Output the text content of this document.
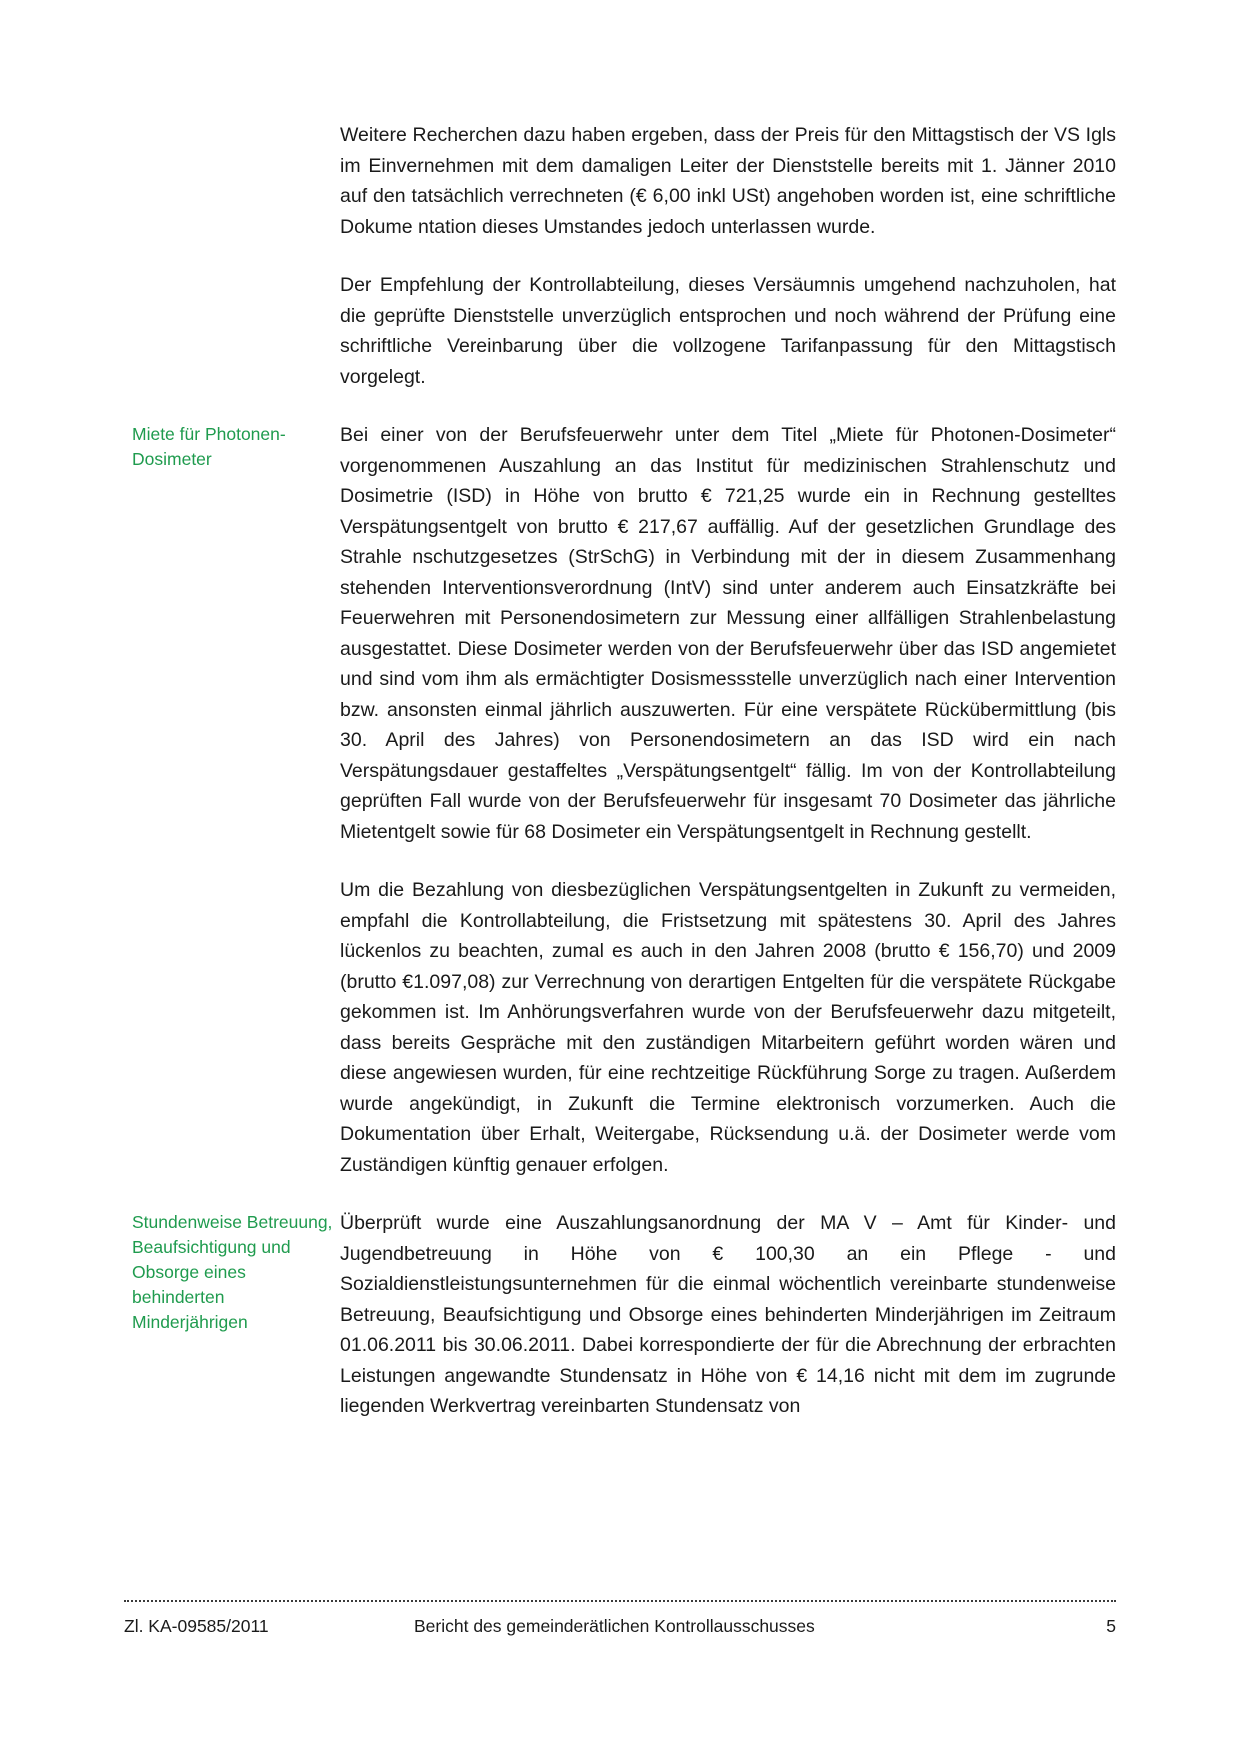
Weitere Recherchen dazu haben ergeben, dass der Preis für den Mittagstisch der VS Igls im Einvernehmen mit dem damaligen Leiter der Dienststelle bereits mit 1. Jänner 2010 auf den tatsächlich verrechneten (€ 6,00 inkl USt) angehoben worden ist, eine schriftliche Dokume ntation dieses Umstandes jedoch unterlassen wurde.

Der Empfehlung der Kontrollabteilung, dieses Versäumnis umgehend nachzuholen, hat die geprüfte Dienststelle unverzüglich entsprochen und noch während der Prüfung eine schriftliche Vereinbarung über die vollzogene Tarifanpassung für den Mittagstisch vorgelegt.

Miete für Photonen-Dosimeter

Bei einer von der Berufsfeuerwehr unter dem Titel „Miete für Photonen-Dosimeter“ vorgenommenen Auszahlung an das Institut für medizinischen Strahlenschutz und Dosimetrie (ISD) in Höhe von brutto € 721,25 wurde ein in Rechnung gestelltes Verspätungsentgelt von brutto € 217,67 auffällig. Auf der gesetzlichen Grundlage des Strahle nschutzgesetzes (StrSchG) in Verbindung mit der in diesem Zusammenhang stehenden Interventionsverordnung (IntV) sind unter anderem auch Einsatzkräfte bei Feuerwehren mit Personendosimetern zur Messung einer allfälligen Strahlenbelastung ausgestattet. Diese Dosimeter werden von der Berufsfeuerwehr über das ISD angemietet und sind vom ihm als ermächtigter Dosismessstelle unverzüglich nach einer Intervention bzw. ansonsten einmal jährlich auszuwerten. Für eine verspätete Rückübermittlung (bis 30. April des Jahres) von Personendosimetern an das ISD wird ein nach Verspätungsdauer gestaffeltes „Verspätungsentgelt“ fällig. Im von der Kontrollabteilung geprüften Fall wurde von der Berufsfeuerwehr für insgesamt 70 Dosimeter das jährliche Mietentgelt sowie für 68 Dosimeter ein Verspätungsentgelt in Rechnung gestellt.

Um die Bezahlung von diesbezüglichen Verspätungsentgelten in Zukunft zu vermeiden, empfahl die Kontrollabteilung, die Fristsetzung mit spätestens 30. April des Jahres lückenlos zu beachten, zumal es auch in den Jahren 2008 (brutto € 156,70) und 2009 (brutto €1.097,08) zur Verrechnung von derartigen Entgelten für die verspätete Rückgabe gekommen ist. Im Anhörungsverfahren wurde von der Berufsfeuerwehr dazu mitgeteilt, dass bereits Gespräche mit den zuständigen Mitarbeitern geführt worden wären und diese angewiesen wurden, für eine rechtzeitige Rückführung Sorge zu tragen. Außerdem wurde angekündigt, in Zukunft die Termine elektronisch vorzumerken. Auch die Dokumentation über Erhalt, Weitergabe, Rücksendung u.ä. der Dosimeter werde vom Zuständigen künftig genauer erfolgen.

Stundenweise Betreuung, Beaufsichtigung und Obsorge eines behinderten Minderjährigen

Überprüft wurde eine Auszahlungsanordnung der MA V – Amt für Kinder- und Jugendbetreuung in Höhe von € 100,30 an ein Pflege - und Sozialdienstleistungsunternehmen für die einmal wöchentlich vereinbarte stundenweise Betreuung, Beaufsichtigung und Obsorge eines behinderten Minderjährigen im Zeitraum 01.06.2011 bis 30.06.2011. Dabei korrespondierte der für die Abrechnung der erbrachten Leistungen angewandte Stundensatz in Höhe von € 14,16 nicht mit dem im zugrunde liegenden Werkvertrag vereinbarten Stundensatz von

Zl. KA-09585/2011	Bericht des gemeinderätlichen Kontrollausschusses	5
